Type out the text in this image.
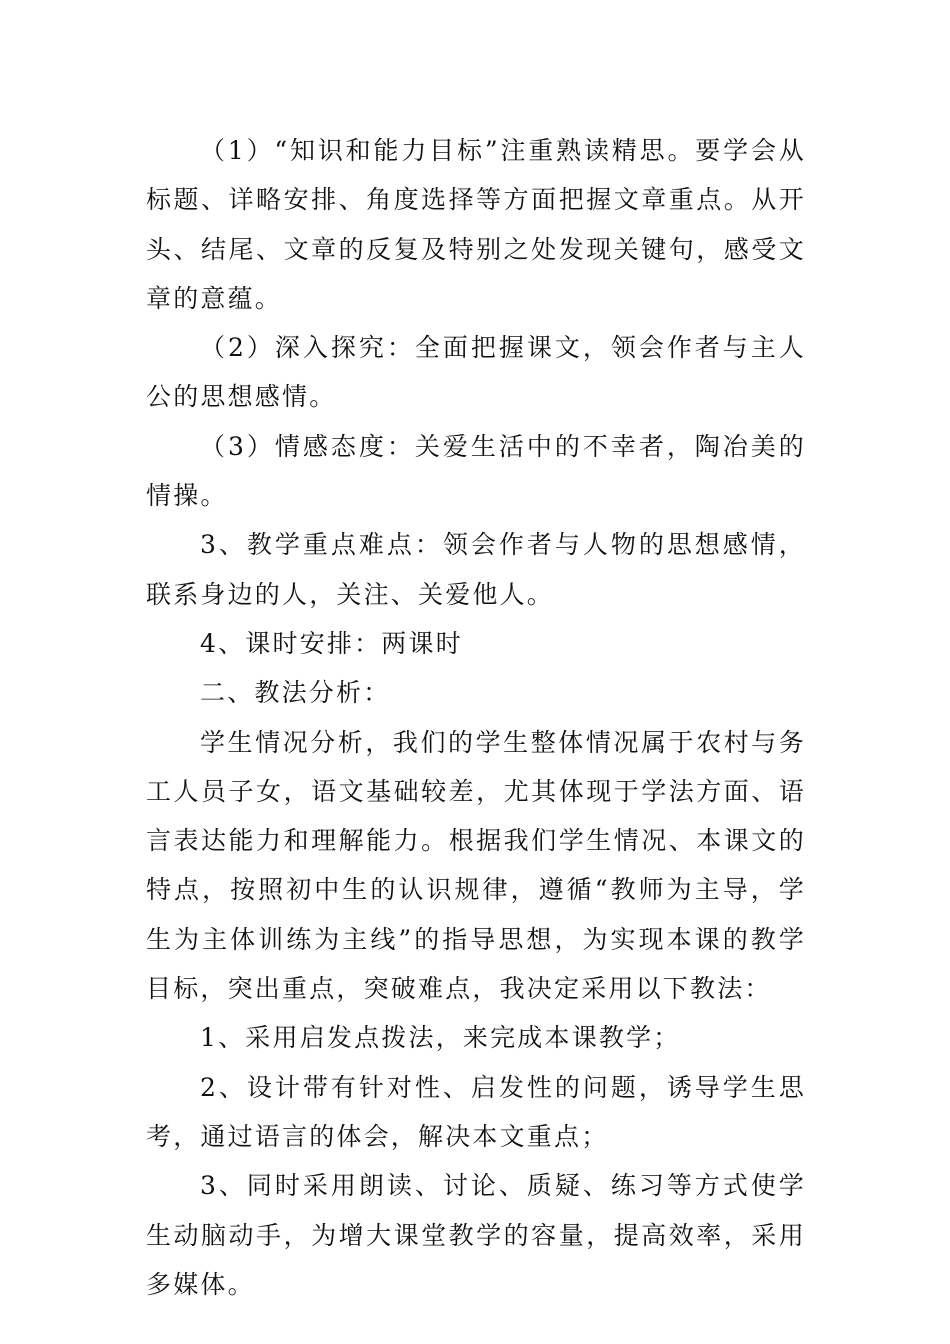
（1）“知识和能力目标”注重熟读精思。要学会从标题、详略安排、角度选择等方面把握文章重点。从开头、结尾、文章的反复及特别之处发现关键句，感受文章的意蕴。

（2）深入探究：全面把握课文，领会作者与主人公的思想感情。

（3）情感态度：关爱生活中的不幸者，陶冶美的情操。

3、教学重点难点：领会作者与人物的思想感情，联系身边的人，关注、关爱他人。

4、课时安排：两课时

二、教法分析：

学生情况分析，我们的学生整体情况属于农村与务工人员子女，语文基础较差，尤其体现于学法方面、语言表达能力和理解能力。根据我们学生情况、本课文的特点，按照初中生的认识规律，遵循“教师为主导，学生为主体训练为主线”的指导思想，为实现本课的教学目标，突出重点，突破难点，我决定采用以下教法：

1、采用启发点拨法，来完成本课教学；

2、设计带有针对性、启发性的问题，诱导学生思考，通过语言的体会，解决本文重点；

3、同时采用朗读、讨论、质疑、练习等方式使学生动脑动手，为增大课堂教学的容量，提高效率，采用多媒体。
